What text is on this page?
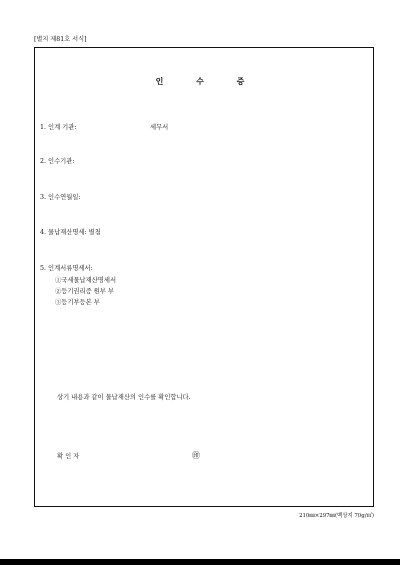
[별지 제81호 서식]
인 수 증
1. 인계 기관:	세무서
2. 인수기관:
3. 인수연월일:
4. 물납재산명세: 별첨
5. 인계서류명세서:
①국세물납재산명세서
②등기권리증 원부 부
③등기부등본 부
상기 내용과 같이 물납재산의 인수를 확인합니다.
확 인 자	㊞
210㎜×297㎜(백상지 70g/㎡)
